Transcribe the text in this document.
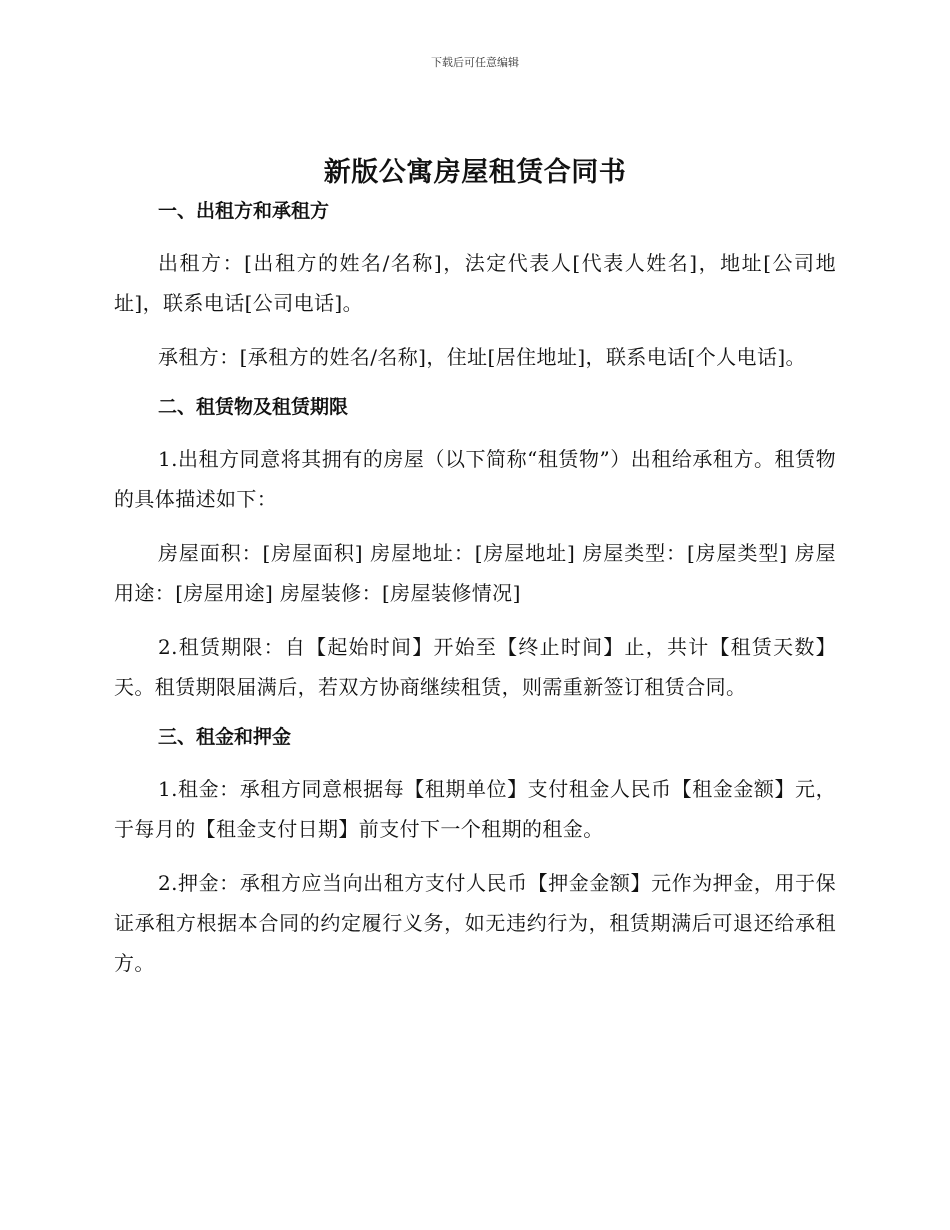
下载后可任意编辑
新版公寓房屋租赁合同书
一、出租方和承租方

出租方：[出租方的姓名/名称]，法定代表人[代表人姓名]，地址[公司地址]，联系电话[公司电话]。

承租方：[承租方的姓名/名称]，住址[居住地址]，联系电话[个人电话]。

二、租赁物及租赁期限

1.出租方同意将其拥有的房屋（以下简称“租赁物”）出租给承租方。租赁物的具体描述如下：

房屋面积：[房屋面积] 房屋地址：[房屋地址] 房屋类型：[房屋类型] 房屋用途：[房屋用途] 房屋装修：[房屋装修情况]

2.租赁期限：自【起始时间】开始至【终止时间】止，共计【租赁天数】天。租赁期限届满后，若双方协商继续租赁，则需重新签订租赁合同。

三、租金和押金

1.租金：承租方同意根据每【租期单位】支付租金人民币【租金金额】元，于每月的【租金支付日期】前支付下一个租期的租金。

2.押金：承租方应当向出租方支付人民币【押金金额】元作为押金，用于保证承租方根据本合同的约定履行义务，如无违约行为，租赁期满后可退还给承租方。
